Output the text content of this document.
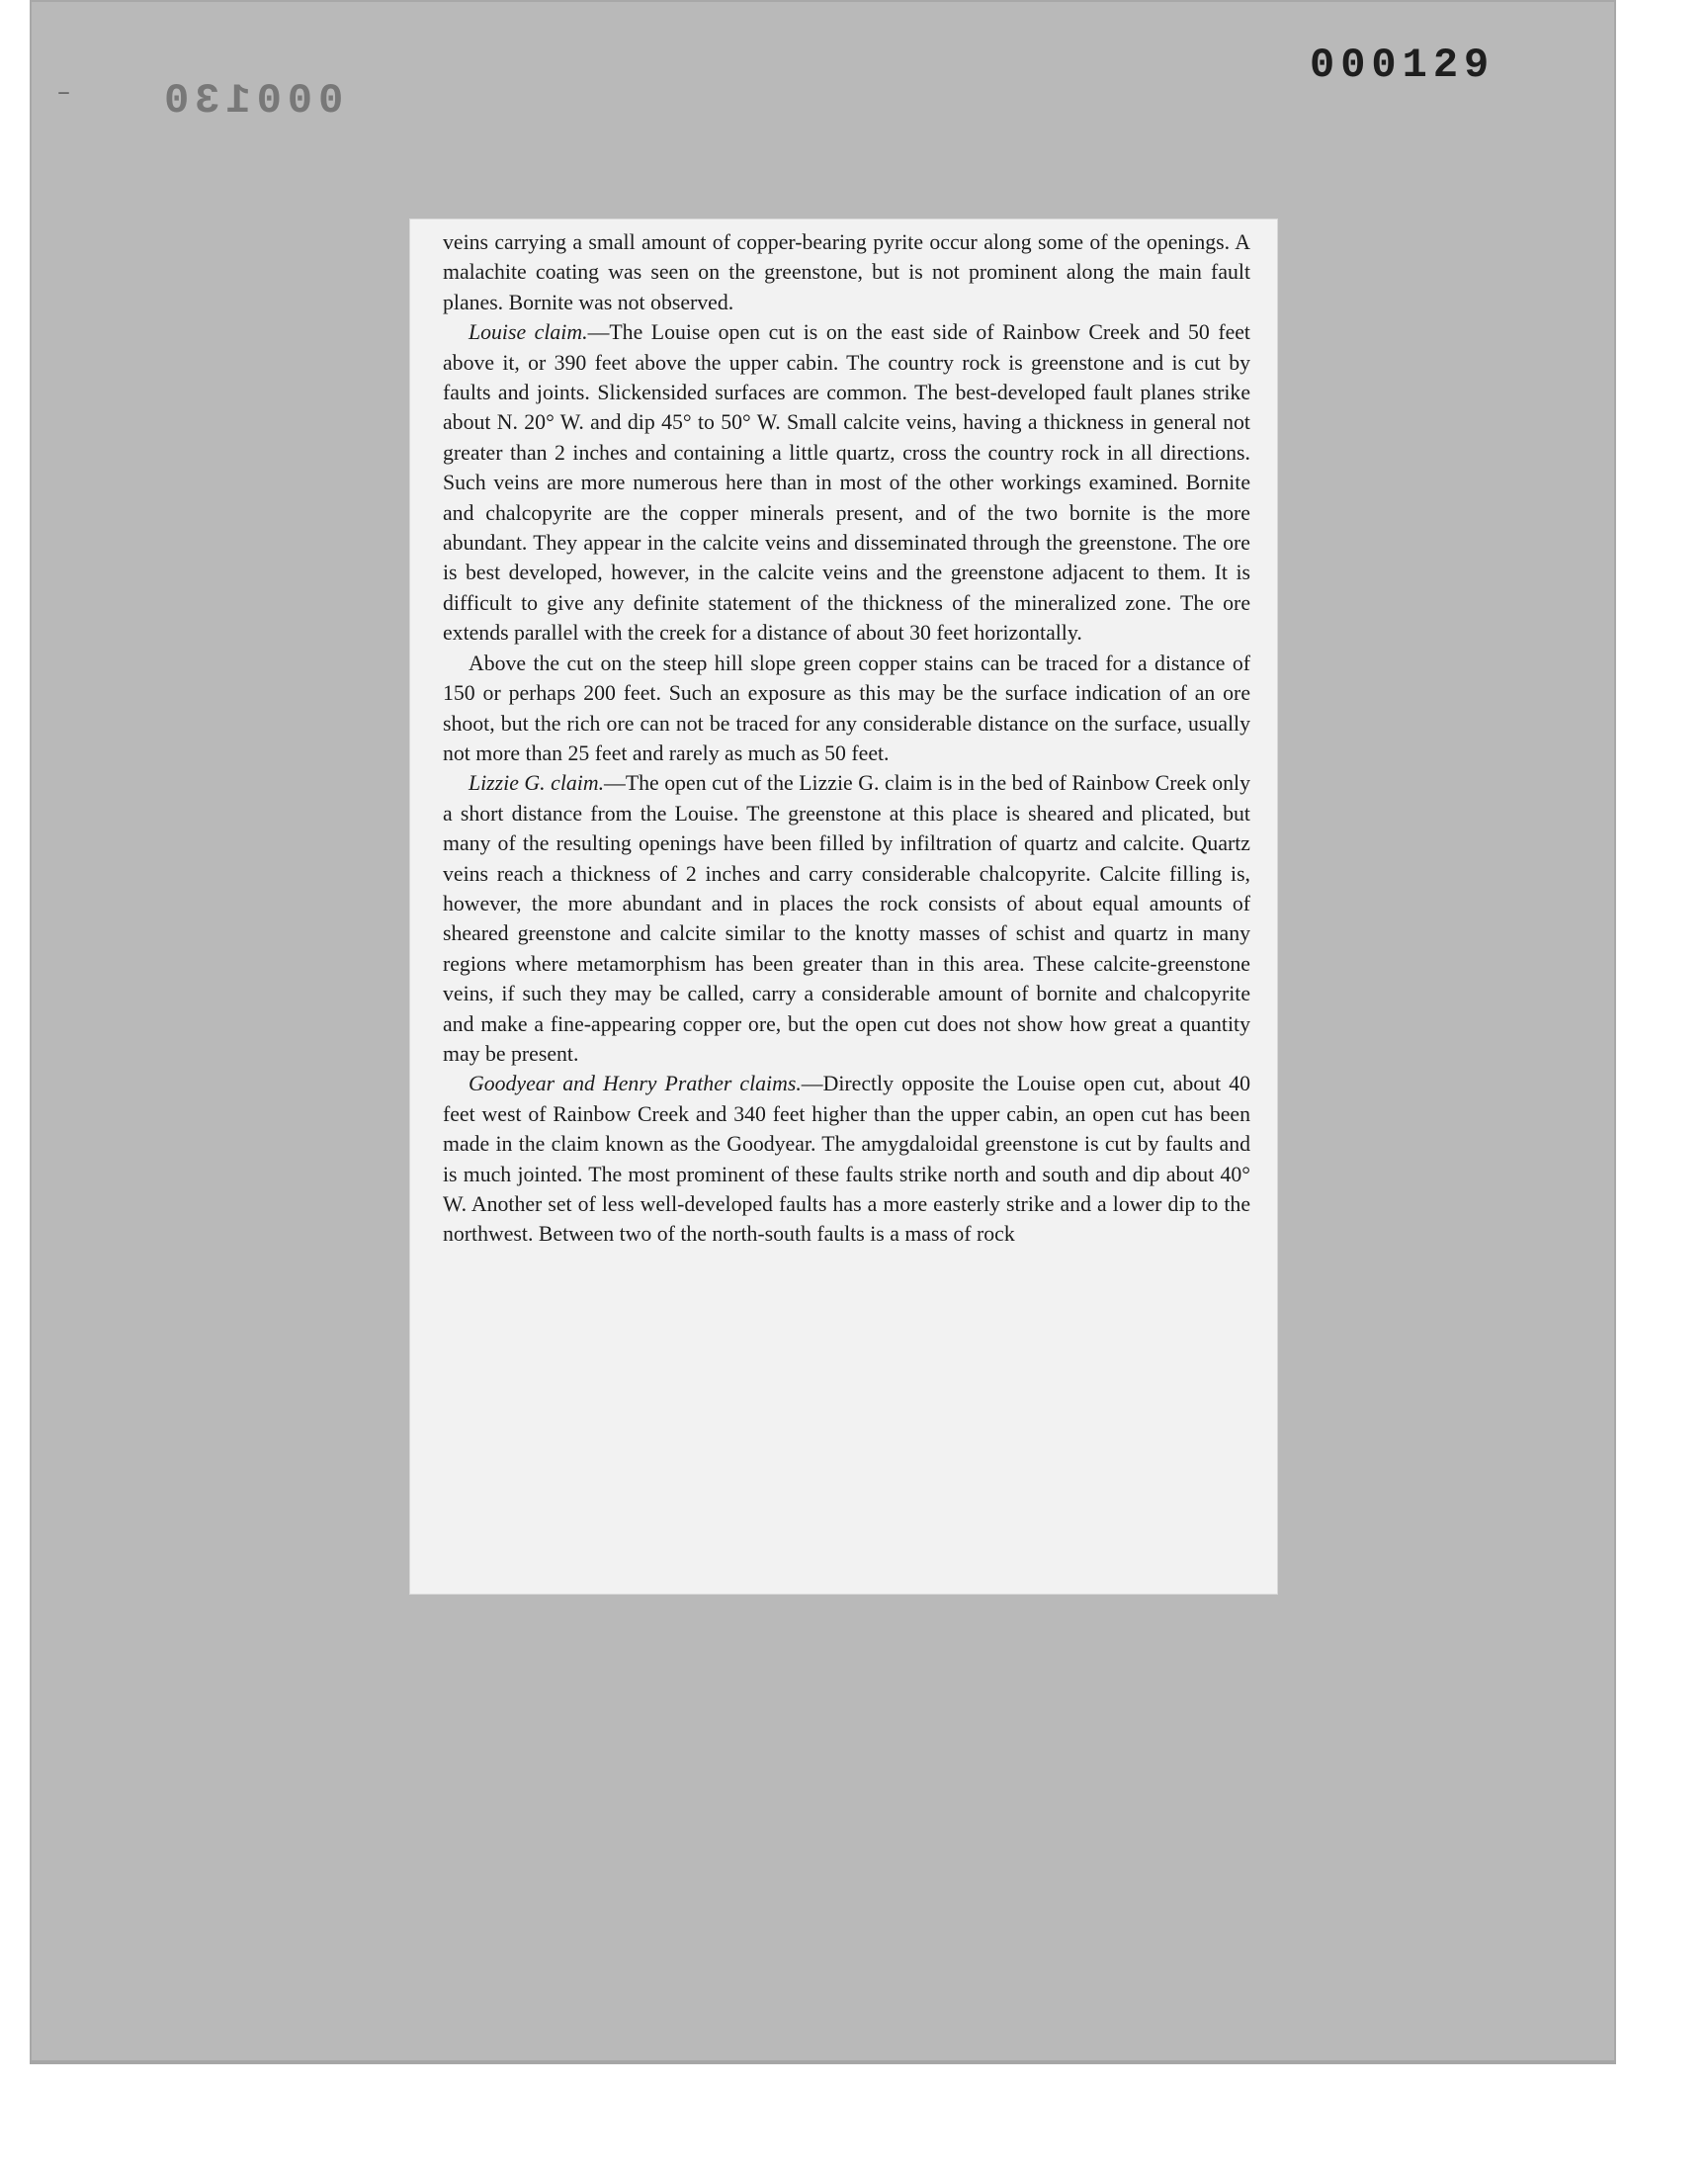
– 000130
000129

veins carrying a small amount of copper-bearing pyrite occur along some of the openings. A malachite coating was seen on the greenstone, but is not prominent along the main fault planes. Bornite was not observed.

Louise claim.—The Louise open cut is on the east side of Rainbow Creek and 50 feet above it, or 390 feet above the upper cabin. The country rock is greenstone and is cut by faults and joints. Slickensided surfaces are common. The best-developed fault planes strike about N. 20° W. and dip 45° to 50° W. Small calcite veins, having a thickness in general not greater than 2 inches and containing a little quartz, cross the country rock in all directions. Such veins are more numerous here than in most of the other workings examined. Bornite and chalcopyrite are the copper minerals present, and of the two bornite is the more abundant. They appear in the calcite veins and disseminated through the greenstone. The ore is best developed, however, in the calcite veins and the greenstone adjacent to them. It is difficult to give any definite statement of the thickness of the mineralized zone. The ore extends parallel with the creek for a distance of about 30 feet horizontally.

Above the cut on the steep hill slope green copper stains can be traced for a distance of 150 or perhaps 200 feet. Such an exposure as this may be the surface indication of an ore shoot, but the rich ore can not be traced for any considerable distance on the surface, usually not more than 25 feet and rarely as much as 50 feet.

Lizzie G. claim.—The open cut of the Lizzie G. claim is in the bed of Rainbow Creek only a short distance from the Louise. The greenstone at this place is sheared and plicated, but many of the resulting openings have been filled by infiltration of quartz and calcite. Quartz veins reach a thickness of 2 inches and carry considerable chalcopyrite. Calcite filling is, however, the more abundant and in places the rock consists of about equal amounts of sheared greenstone and calcite similar to the knotty masses of schist and quartz in many regions where metamorphism has been greater than in this area. These calcite-greenstone veins, if such they may be called, carry a considerable amount of bornite and chalcopyrite and make a fine-appearing copper ore, but the open cut does not show how great a quantity may be present.

Goodyear and Henry Prather claims.—Directly opposite the Louise open cut, about 40 feet west of Rainbow Creek and 340 feet higher than the upper cabin, an open cut has been made in the claim known as the Goodyear. The amygdaloidal greenstone is cut by faults and is much jointed. The most prominent of these faults strike north and south and dip about 40° W. Another set of less well-developed faults has a more easterly strike and a lower dip to the northwest. Between two of the north-south faults is a mass of rock
